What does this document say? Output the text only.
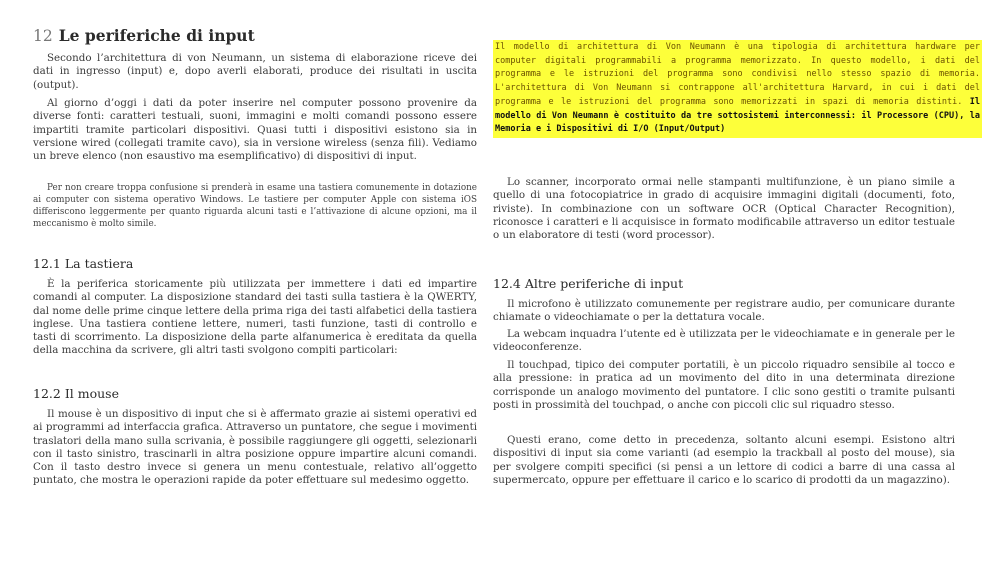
12 Le periferiche di input

Secondo l’architettura di von Neumann, un sistema di elaborazione riceve dei dati in ingresso (input) e, dopo averli elaborati, produce dei risultati in uscita (output).

Al giorno d’oggi i dati da poter inserire nel computer possono provenire da diverse fonti: caratteri testuali, suoni, immagini e molti comandi possono essere impartiti tramite particolari dispositivi. Quasi tutti i dispositivi esistono sia in versione wired (collegati tramite cavo), sia in versione wireless (senza fili). Vediamo un breve elenco (non esaustivo ma esemplificativo) di dispositivi di input.

Per non creare troppa confusione si prenderà in esame una tastiera comunemente in dotazione ai computer con sistema operativo Windows. Le tastiere per computer Apple con sistema iOS differiscono leggermente per quanto riguarda alcuni tasti e l’attivazione di alcune opzioni, ma il meccanismo è molto simile.

12.1 La tastiera

È la periferica storicamente più utilizzata per immettere i dati ed impartire comandi al computer. La disposizione standard dei tasti sulla tastiera è la QWERTY, dal nome delle prime cinque lettere della prima riga dei tasti alfabetici della tastiera inglese. Una tastiera contiene lettere, numeri, tasti funzione, tasti di controllo e tasti di scorrimento. La disposizione della parte alfanumerica è ereditata da quella della macchina da scrivere, gli altri tasti svolgono compiti particolari:

12.2 Il mouse

Il mouse è un dispositivo di input che si è affermato grazie ai sistemi operativi ed ai programmi ad interfaccia grafica. Attraverso un puntatore, che segue i movimenti traslatori della mano sulla scrivania, è possibile raggiungere gli oggetti, selezionarli con il tasto sinistro, trascinarli in altra posizione oppure impartire alcuni comandi. Con il tasto destro invece si genera un menu contestuale, relativo all’oggetto puntato, che mostra le operazioni rapide da poter effettuare sul medesimo oggetto.

Il modello di architettura di Von Neumann è una tipologia di architettura hardware per computer digitali programmabili a programma memorizzato. In questo modello, i dati del programma e le istruzioni del programma sono condivisi nello stesso spazio di memoria. L'architettura di Von Neumann si contrappone all'architettura Harvard, in cui i dati del programma e le istruzioni del programma sono memorizzati in spazi di memoria distinti. Il modello di Von Neumann è costituito da tre sottosistemi interconnessi: il Processore (CPU), la Memoria e i Dispositivi di I/O (Input/Output)

Lo scanner, incorporato ormai nelle stampanti multifunzione, è un piano simile a quello di una fotocopiatrice in grado di acquisire immagini digitali (documenti, foto, riviste). In combinazione con un software OCR (Optical Character Recognition), riconosce i caratteri e li acquisisce in formato modificabile attraverso un editor testuale o un elaboratore di testi (word processor).

12.4 Altre periferiche di input

Il microfono è utilizzato comunemente per registrare audio, per comunicare durante chiamate o videochiamate o per la dettatura vocale.

La webcam inquadra l’utente ed è utilizzata per le videochiamate e in generale per le videoconferenze.

Il touchpad, tipico dei computer portatili, è un piccolo riquadro sensibile al tocco e alla pressione: in pratica ad un movimento del dito in una determinata direzione corrisponde un analogo movimento del puntatore. I clic sono gestiti o tramite pulsanti posti in prossimità del touchpad, o anche con piccoli clic sul riquadro stesso.

Questi erano, come detto in precedenza, soltanto alcuni esempi. Esistono altri dispositivi di input sia come varianti (ad esempio la trackball al posto del mouse), sia per svolgere compiti specifici (si pensi a un lettore di codici a barre di una cassa al supermercato, oppure per effettuare il carico e lo scarico di prodotti da un magazzino).
